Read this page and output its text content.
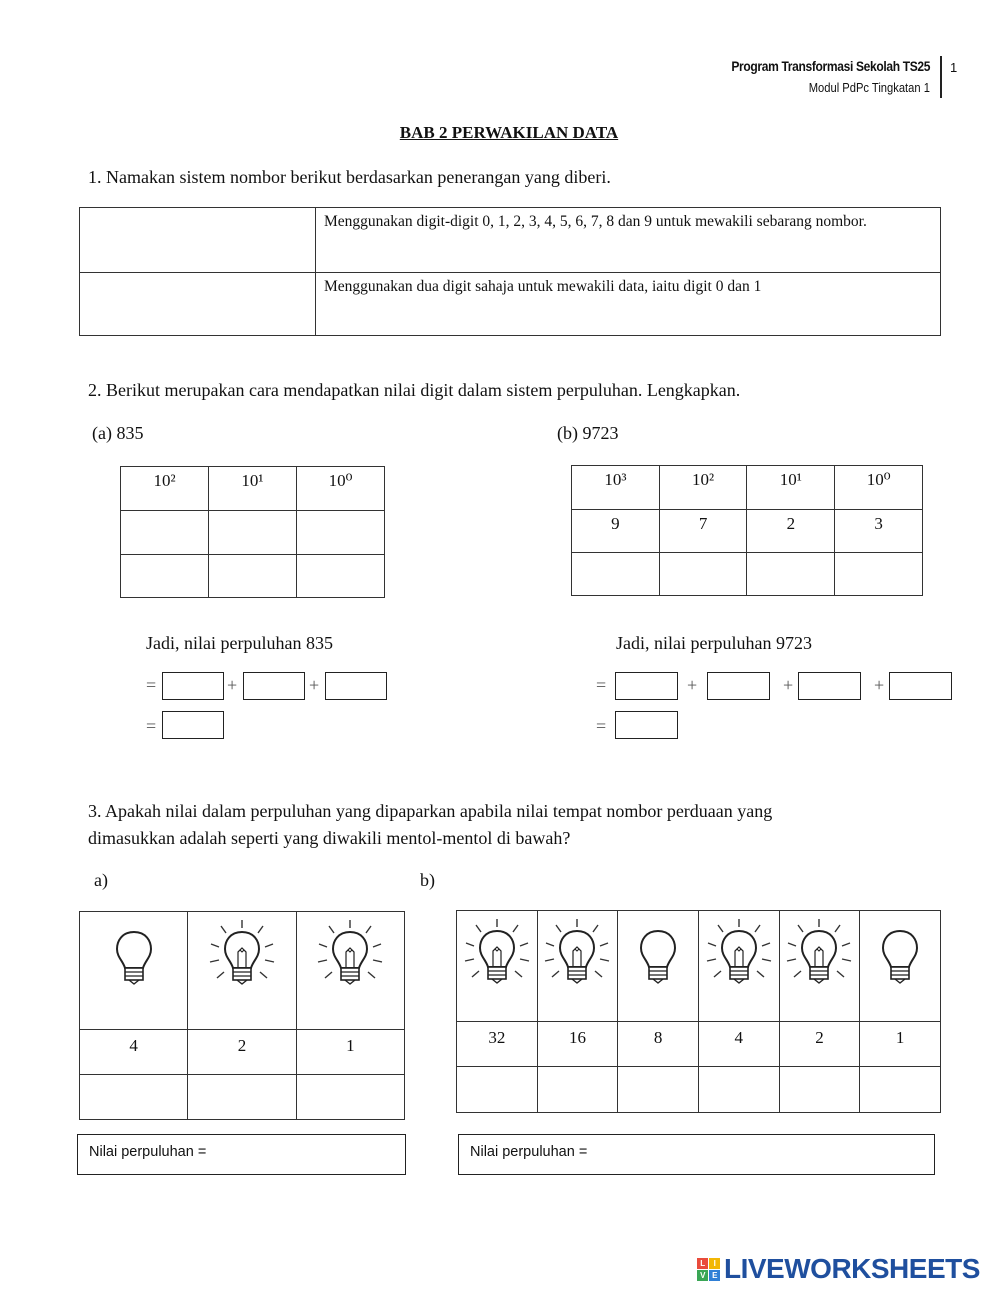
Program Transformasi Sekolah TS25
Modul PdPc Tingkatan 1
1
BAB 2 PERWAKILAN DATA
1. Namakan sistem nombor berikut berdasarkan penerangan yang diberi.
	Menggunakan digit-digit 0, 1, 2, 3, 4, 5, 6, 7, 8 dan 9 untuk mewakili sebarang nombor.
	Menggunakan dua digit sahaja untuk mewakili data, iaitu digit 0 dan 1
2. Berikut merupakan cara mendapatkan nilai digit dalam sistem perpuluhan. Lengkapkan.
(a) 835	(b) 9723
10²	10¹	10⁰

			10³	10²	10¹	10⁰
9	7	2	3

Jadi, nilai perpuluhan 835	Jadi, nilai perpuluhan 9723
=	+	+
=
=	+	+	+
=
3. Apakah nilai dalam perpuluhan yang dipaparkan apabila nilai tempat nombor perduaan yang
dimasukkan adalah seperti yang diwakili mentol-mentol di bawah?
a)	b)

4	2	1

		32	16	8	4	2	1

Nilai perpuluhan =	Nilai perpuluhan =
L	I
V E LIVEWORKSHEETS
